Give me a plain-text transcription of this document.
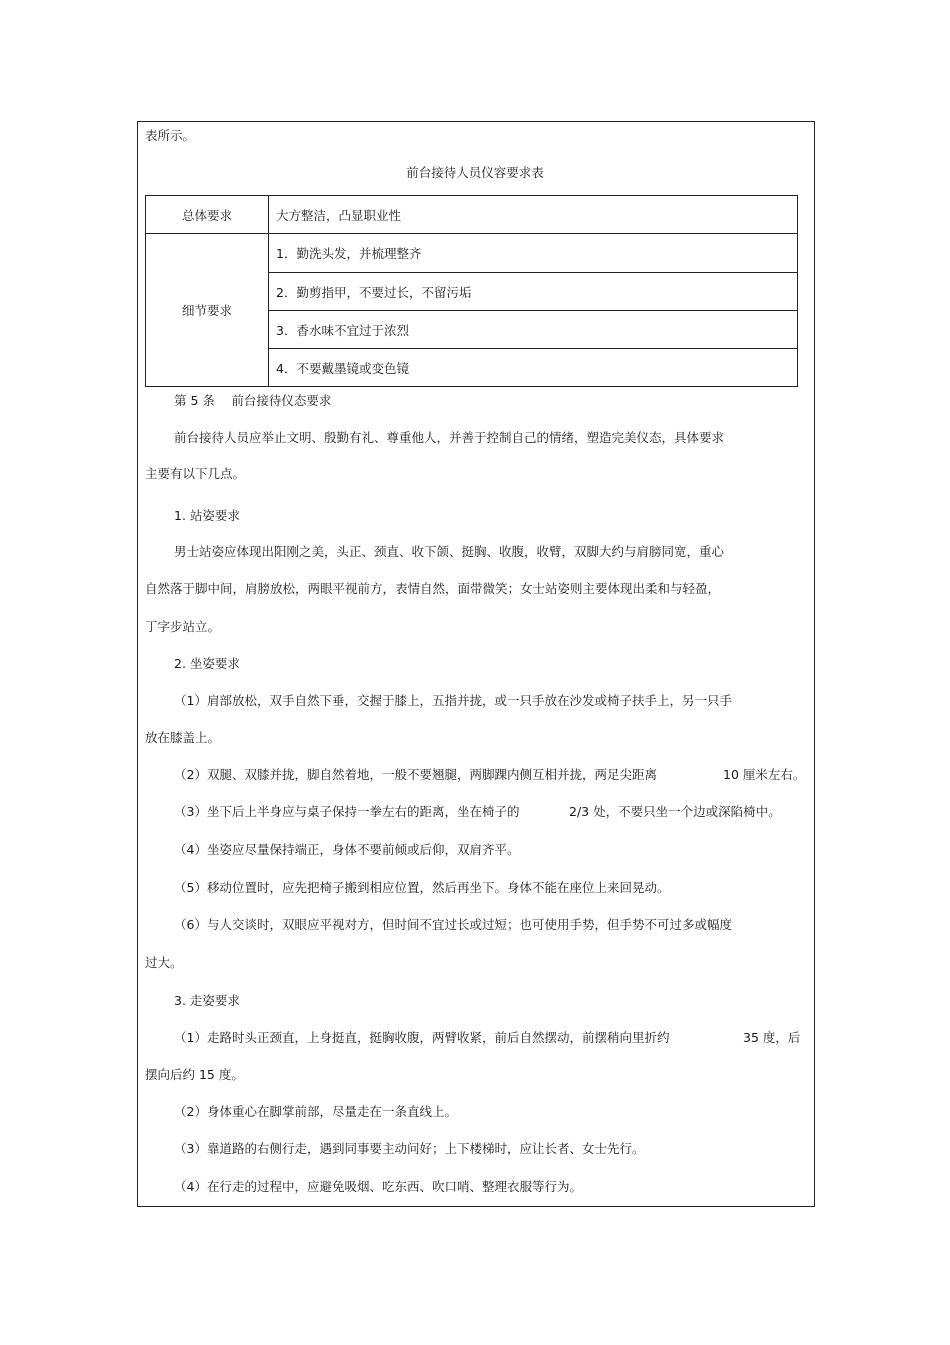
表所示。
前台接待人员仪容要求表
总体要求	大方整洁，凸显职业性
细节要求	1．勤洗头发，并梳理整齐
	2．勤剪指甲，不要过长，不留污垢
	3．香水味不宜过于浓烈
	4．不要戴墨镜或变色镜
第 5 条　 前台接待仪态要求
前台接待人员应举止文明、殷勤有礼、尊重他人，并善于控制自己的情绪，塑造完美仪态，具体要求
主要有以下几点。
1. 站姿要求
男士站姿应体现出阳刚之美，头正、颈直、收下颌、挺胸、收腹，收臂，双脚大约与肩膀同宽，重心
自然落于脚中间，肩膀放松，两眼平视前方，表情自然，面带微笑；女士站姿则主要体现出柔和与轻盈，
丁字步站立。
2. 坐姿要求
（1）肩部放松，双手自然下垂，交握于膝上，五指并拢，或一只手放在沙发或椅子扶手上，另一只手
放在膝盖上。
（2）双腿、双膝并拢，脚自然着地，一般不要翘腿，两脚踝内侧互相并拢，两足尖距离	10 厘米左右。
（3）坐下后上半身应与桌子保持一拳左右的距离，坐在椅子的	2/3 处，不要只坐一个边或深陷椅中。
（4）坐姿应尽量保持端正，身体不要前倾或后仰，双肩齐平。
（5）移动位置时，应先把椅子搬到相应位置，然后再坐下。身体不能在座位上来回晃动。
（6）与人交谈时，双眼应平视对方，但时间不宜过长或过短；也可使用手势，但手势不可过多或幅度
过大。
3. 走姿要求
（1）走路时头正颈直，上身挺直，挺胸收腹，两臂收紧，前后自然摆动，前摆稍向里折约	35 度，后
摆向后约 15 度。
（2）身体重心在脚掌前部，尽量走在一条直线上。
（3）靠道路的右侧行走，遇到同事要主动问好；上下楼梯时，应让长者、女士先行。
（4）在行走的过程中，应避免吸烟、吃东西、吹口哨、整理衣服等行为。
